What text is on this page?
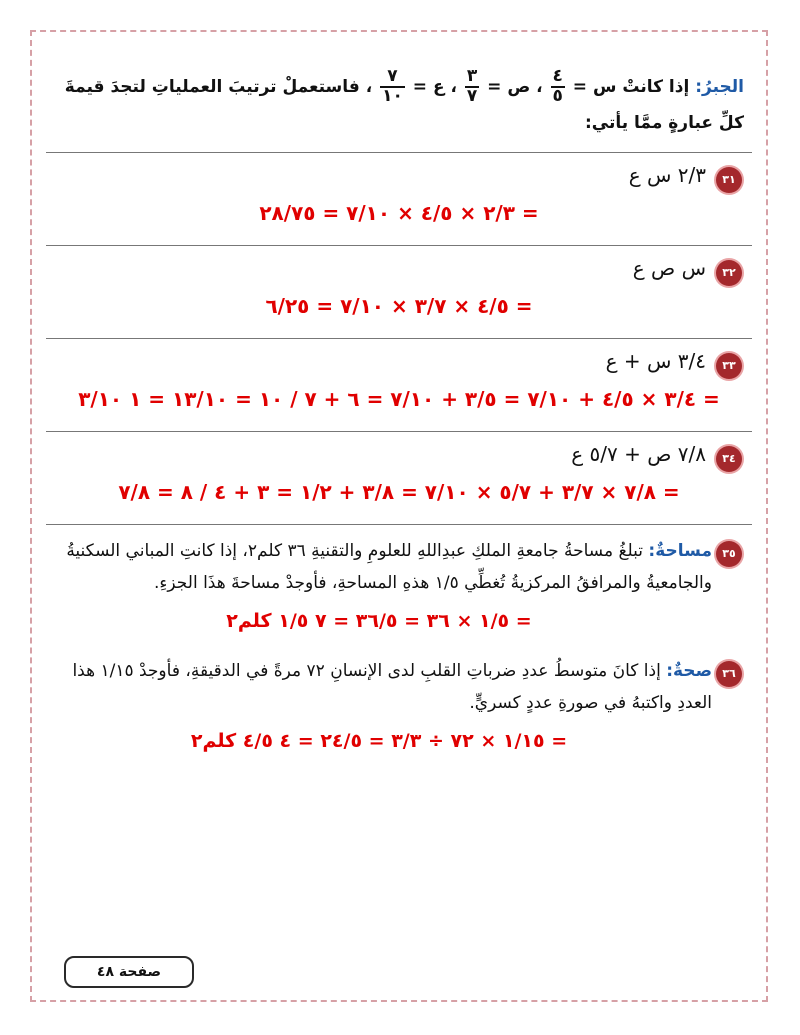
الجبرُ: إذا كانتْ س =
$\frac{٤}{٥}$
، ص =
$\frac{٣}{٧}$
، ع =
$\frac{٧}{١٠}$
، فاستعملْ ترتيبَ العملياتِ لتجدَ قيمةَ كلِّ عبارةٍ ممَّا يأتي:
٣١
٢/٣ س ع
= ٢/٣ × ٤/٥ × ٧/١٠ = ٢٨/٧٥
٣٢
س ص ع
= ٤/٥ × ٣/٧ × ٧/١٠ = ٦/٢٥
٣٣
٣/٤ س + ع
= ٣/٤ × ٤/٥ + ٧/١٠ = ٣/٥ + ٧/١٠ = ٦ + ٧ / ١٠ = ١٣/١٠ = ١ ٣/١٠
٣٤
٧/٨ ص + ٥/٧ ع
= ٧/٨ × ٣/٧ + ٥/٧ × ٧/١٠ = ٣/٨ + ١/٢ = ٣ + ٤ / ٨ = ٧/٨
٣٥
مساحةٌ: تبلغُ مساحةُ جامعةِ الملكِ عبدِاللهِ للعلومِ والتقنيةِ ٣٦ كلم٢، إذا كانتِ المباني السكنيةُ والجامعيةُ والمرافقُ المركزيةُ تُغطِّي ١/٥ هذهِ المساحةِ، فأوجدْ مساحةَ هذَا الجزءِ.
= ١/٥ × ٣٦ = ٣٦/٥ = ٧ ١/٥ كلم٢
٣٦
صحةٌ: إذا كانَ متوسطُ عددِ ضرباتِ القلبِ لدى الإنسانِ ٧٢ مرةً في الدقيقةِ، فأوجدْ ١/١٥ هذا العددِ واكتبهُ في صورةِ عددٍ كسريٍّ.
= ١/١٥ × ٧٢ ÷ ٣/٣ = ٢٤/٥ = ٤ ٤/٥ كلم٢
صفحة ٤٨
